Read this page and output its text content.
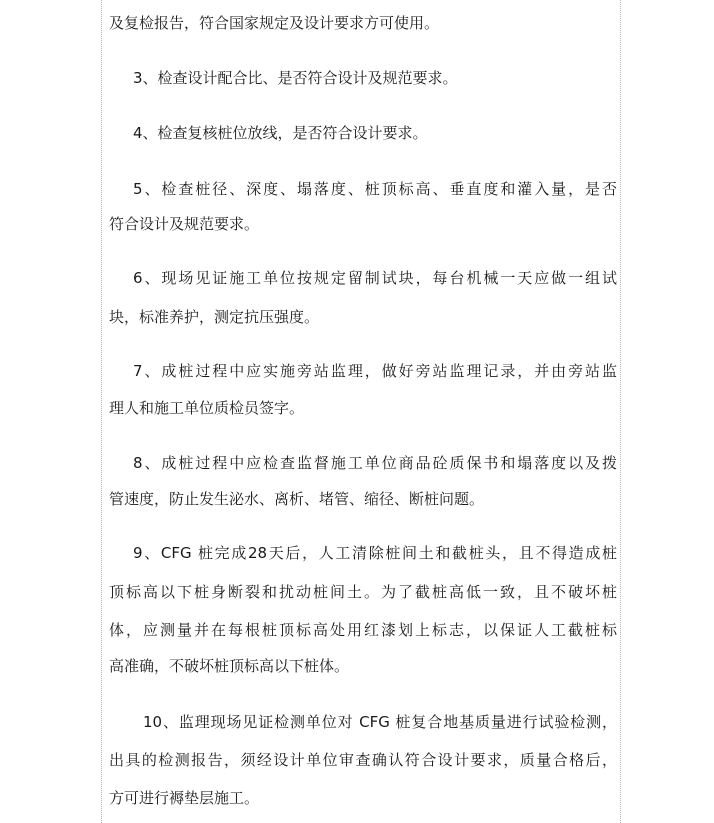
及复检报告，符合国家规定及设计要求方可使用。
3、检查设计配合比、是否符合设计及规范要求。
4、检查复核桩位放线，是否符合设计要求。
5、检查桩径、深度、塌落度、桩顶标高、垂直度和灌入量，是否
符合设计及规范要求。
6、现场见证施工单位按规定留制试块，每台机械一天应做一组试
块，标准养护，测定抗压强度。
7、成桩过程中应实施旁站监理，做好旁站监理记录，并由旁站监
理人和施工单位质检员签字。
8、成桩过程中应检查监督施工单位商品砼质保书和塌落度以及拨
管速度，防止发生泌水、离析、堵管、缩径、断桩问题。
9、CFG 桩完成28天后，人工清除桩间土和截桩头，且不得造成桩
顶标高以下桩身断裂和扰动桩间土。为了截桩高低一致，且不破坏桩
体，应测量并在每根桩顶标高处用红漆划上标志，以保证人工截桩标
高准确，不破坏桩顶标高以下桩体。
10、监理现场见证检测单位对 CFG 桩复合地基质量进行试验检测，
出具的检测报告，须经设计单位审查确认符合设计要求，质量合格后，
方可进行褥垫层施工。
